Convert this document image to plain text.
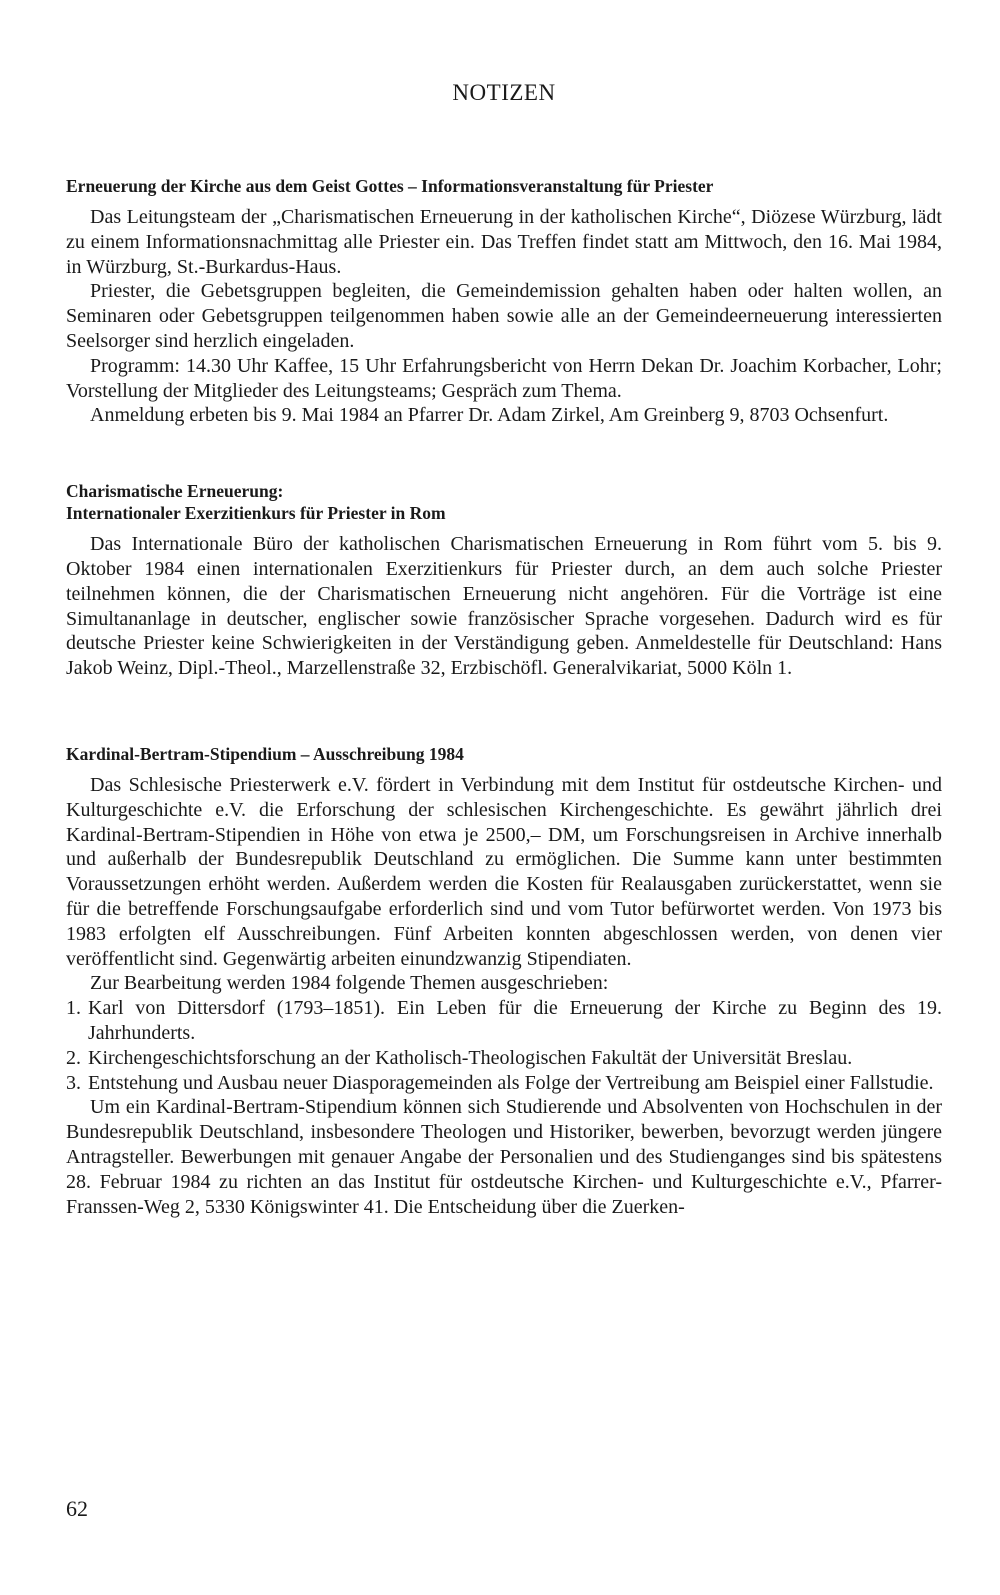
NOTIZEN
Erneuerung der Kirche aus dem Geist Gottes – Informationsveranstaltung für Priester

Das Leitungsteam der „Charismatischen Erneuerung in der katholischen Kirche“, Diözese Würzburg, lädt zu einem Informationsnachmittag alle Priester ein. Das Treffen findet statt am Mittwoch, den 16. Mai 1984, in Würzburg, St.-Burkardus-Haus.

Priester, die Gebetsgruppen begleiten, die Gemeindemission gehalten haben oder halten wollen, an Seminaren oder Gebetsgruppen teilgenommen haben sowie alle an der Gemeindeerneuerung interessierten Seelsorger sind herzlich eingeladen.

Programm: 14.30 Uhr Kaffee, 15 Uhr Erfahrungsbericht von Herrn Dekan Dr. Joachim Korbacher, Lohr; Vorstellung der Mitglieder des Leitungsteams; Gespräch zum Thema.

Anmeldung erbeten bis 9. Mai 1984 an Pfarrer Dr. Adam Zirkel, Am Greinberg 9, 8703 Ochsenfurt.

Charismatische Erneuerung:
Internationaler Exerzitienkurs für Priester in Rom

Das Internationale Büro der katholischen Charismatischen Erneuerung in Rom führt vom 5. bis 9. Oktober 1984 einen internationalen Exerzitienkurs für Priester durch, an dem auch solche Priester teilnehmen können, die der Charismatischen Erneuerung nicht angehören. Für die Vorträge ist eine Simultananlage in deutscher, englischer sowie französischer Sprache vorgesehen. Dadurch wird es für deutsche Priester keine Schwierigkeiten in der Verständigung geben. Anmeldestelle für Deutschland: Hans Jakob Weinz, Dipl.-Theol., Marzellenstraße 32, Erzbischöfl. Generalvikariat, 5000 Köln 1.

Kardinal-Bertram-Stipendium – Ausschreibung 1984

Das Schlesische Priesterwerk e.V. fördert in Verbindung mit dem Institut für ostdeutsche Kirchen- und Kulturgeschichte e.V. die Erforschung der schlesischen Kirchengeschichte. Es gewährt jährlich drei Kardinal-Bertram-Stipendien in Höhe von etwa je 2500,– DM, um Forschungsreisen in Archive innerhalb und außerhalb der Bundesrepublik Deutschland zu ermöglichen. Die Summe kann unter bestimmten Voraussetzungen erhöht werden. Außerdem werden die Kosten für Realausgaben zurückerstattet, wenn sie für die betreffende Forschungsaufgabe erforderlich sind und vom Tutor befürwortet werden. Von 1973 bis 1983 erfolgten elf Ausschreibungen. Fünf Arbeiten konnten abgeschlossen werden, von denen vier veröffentlicht sind. Gegenwärtig arbeiten einundzwanzig Stipendiaten.

Zur Bearbeitung werden 1984 folgende Themen ausgeschrieben:

1. Karl von Dittersdorf (1793–1851). Ein Leben für die Erneuerung der Kirche zu Beginn des 19. Jahrhunderts.
2. Kirchengeschichtsforschung an der Katholisch-Theologischen Fakultät der Universität Breslau.
3. Entstehung und Ausbau neuer Diasporagemeinden als Folge der Vertreibung am Beispiel einer Fallstudie.

Um ein Kardinal-Bertram-Stipendium können sich Studierende und Absolventen von Hochschulen in der Bundesrepublik Deutschland, insbesondere Theologen und Historiker, bewerben, bevorzugt werden jüngere Antragsteller. Bewerbungen mit genauer Angabe der Personalien und des Studienganges sind bis spätestens 28. Februar 1984 zu richten an das Institut für ostdeutsche Kirchen- und Kulturgeschichte e.V., Pfarrer-Franssen-Weg 2, 5330 Königswinter 41. Die Entscheidung über die Zuerken-

62
